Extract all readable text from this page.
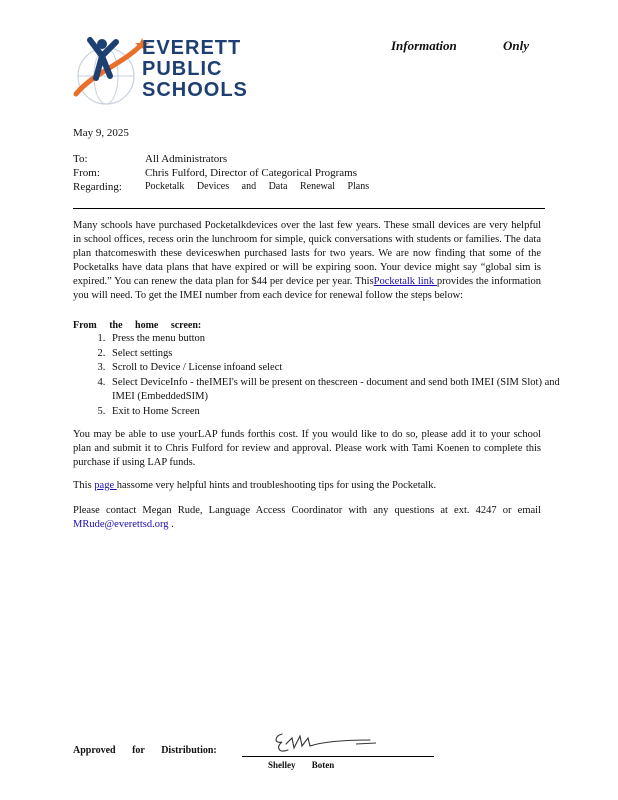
EVERETT
PUBLIC
SCHOOLS
Information	Only
May 9, 2025
To:	All Administrators
From:	Chris Fulford, Director of Categorical Programs
Regarding: Pocketalk Devices and Data Renewal Plans
Many schools have purchased Pocketalkdevices over the last few years. These small devices are very helpful in school offices, recess orin the lunchroom for simple, quick conversations with students or families. The data plan thatcomeswith these deviceswhen purchased lasts for two years. We are now finding that some of the Pocketalks have data plans that have expired or will be expiring soon. Your device might say “global sim is expired.” You can renew the data plan for $44 per device per year. ThisPocketalk link provides the information you will need. To get the IMEI number from each device for renewal follow the steps below:
From the home screen:
1. Press the menu button
2. Select settings
3. Scroll to Device / License infoand select
4. Select DeviceInfo - theIMEI's will be present on thescreen - document and send both IMEI (SIM Slot) and IMEI (EmbeddedSIM)
5. Exit to Home Screen
You may be able to use yourLAP funds forthis cost. If you would like to do so, please add it to your school plan and submit it to Chris Fulford for review and approval. Please work with Tami Koenen to complete this purchase if using LAP funds.
This page hassome very helpful hints and troubleshooting tips for using the Pocketalk.
Please contact Megan Rude, Language Access Coordinator with any questions at ext. 4247 or email MRude@everettsd.org .
Approved for Distribution:
Shelley Boten
